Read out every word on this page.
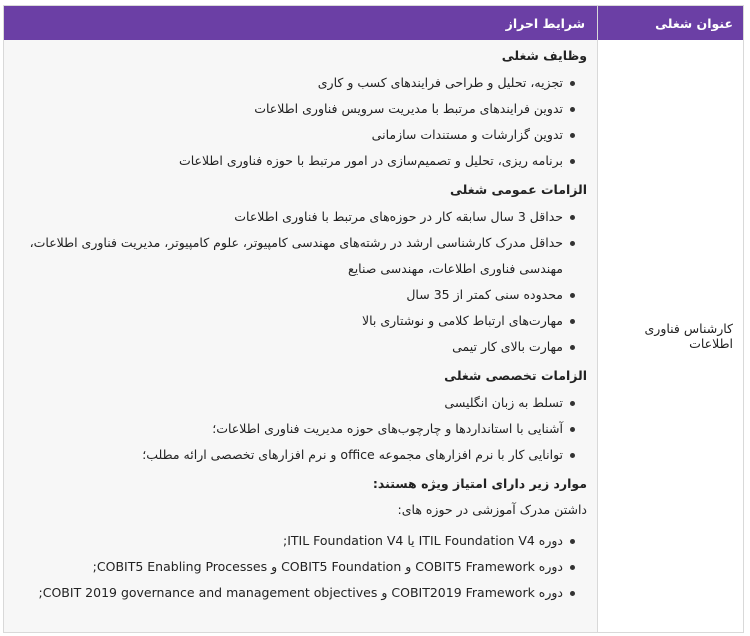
عنوان شغلی
شرایط احراز
کارشناس فناوری اطلاعات

وظایف شغلی

تجزیه، تحلیل و طراحی فرایندهای کسب و کاری
تدوین فرایندهای مرتبط با مدیریت سرویس فناوری اطلاعات
تدوین گزارشات و مستندات سازمانی
برنامه ریزی، تحلیل و تصمیم‌سازی در امور مرتبط با حوزه فناوری اطلاعات

الزامات عمومی شغلی

حداقل 3 سال سابقه کار در حوزه‌های مرتبط با فناوری اطلاعات
حداقل مدرک کارشناسی ارشد در رشته‌های مهندسی کامپیوتر، علوم کامپیوتر، مدیریت فناوری اطلاعات، مهندسی فناوری اطلاعات، مهندسی صنایع
محدوده سنی کمتر از 35 سال
مهارت‌های ارتباط کلامی و نوشتاری بالا
مهارت بالای کار تیمی

الزامات تخصصی شغلی

تسلط به زبان انگلیسی
آشنایی با استانداردها و چارچوب‌های حوزه مدیریت فناوری اطلاعات؛
توانایی کار با نرم افزارهای مجموعه office و نرم افزارهای تخصصی ارائه مطلب؛

موارد زیر دارای امتیاز ویژه هستند:

داشتن مدرک آموزشی در حوزه های:

دوره ITIL Foundation V4 یا ITIL Foundation V4;
دوره COBIT5 Framework و COBIT5 Foundation و COBIT5 Enabling Processes;
دوره COBIT2019 Framework و COBIT 2019 governance and management objectives;
